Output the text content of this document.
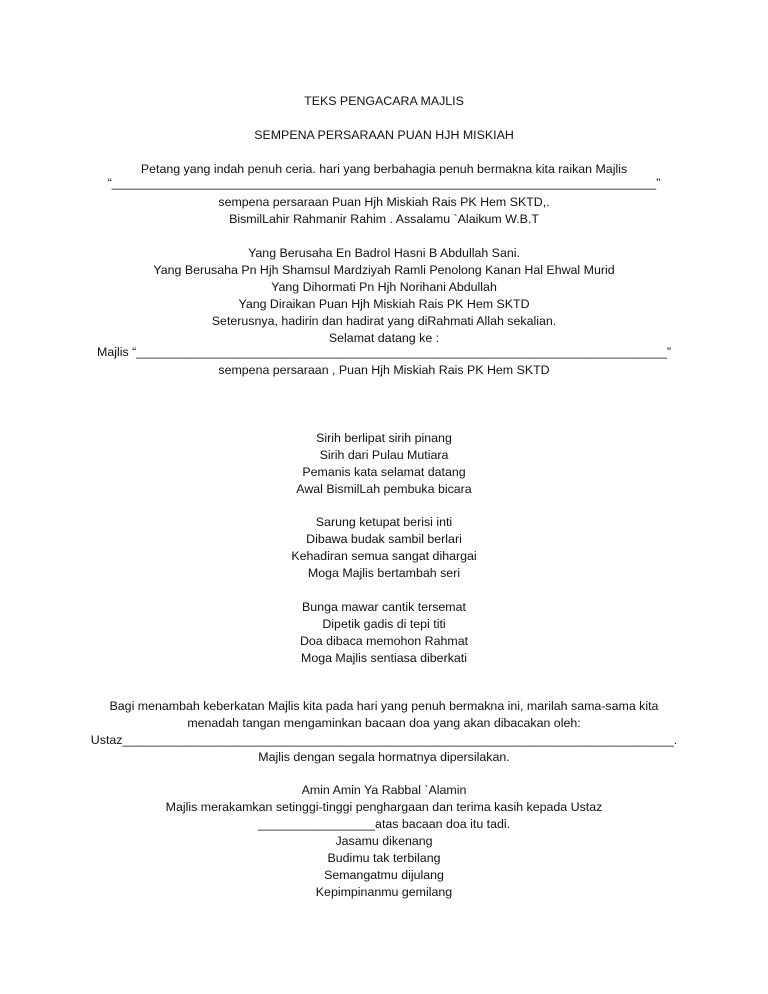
TEKS PENGACARA MAJLIS
SEMPENA PERSARAAN PUAN HJH MISKIAH
Petang yang indah penuh ceria. hari yang berbahagia penuh bermakna kita raikan Majlis
“_______________________________________________________________________________”
sempena persaraan Puan Hjh Miskiah Rais PK Hem SKTD,.
BismilLahir Rahmanir Rahim . Assalamu `Alaikum W.B.T
Yang Berusaha En Badrol Hasni B Abdullah Sani.
Yang Berusaha Pn Hjh Shamsul Mardziyah Ramli Penolong Kanan Hal Ehwal Murid
Yang Dihormati Pn Hjh Norihani Abdullah
Yang Diraikan Puan Hjh Miskiah Rais PK Hem SKTD
Seterusnya, hadirin dan hadirat yang diRahmati Allah sekalian.
Selamat datang ke :
Majlis “_____________________________________________________________________________”
sempena persaraan , Puan Hjh Miskiah Rais PK Hem SKTD
Sirih berlipat sirih pinang
Sirih dari Pulau Mutiara
Pemanis kata selamat datang
Awal BismilLah pembuka bicara
Sarung ketupat berisi inti
Dibawa budak sambil berlari
Kehadiran semua sangat dihargai
Moga Majlis bertambah seri
Bunga mawar cantik tersemat
Dipetik gadis di tepi titi
Doa dibaca memohon Rahmat
Moga Majlis sentiasa diberkati
Bagi menambah keberkatan Majlis kita pada hari yang penuh bermakna ini, marilah sama-sama kita
menadah tangan mengaminkan bacaan doa yang akan dibacakan oleh:
Ustaz________________________________________________________________________________.
Majlis dengan segala hormatnya dipersilakan.
Amin Amin Ya Rabbal `Alamin
Majlis merakamkan setinggi-tinggi penghargaan dan terima kasih kepada Ustaz
_________________atas bacaan doa itu tadi.
Jasamu dikenang
Budimu tak terbilang
Semangatmu dijulang
Kepimpinanmu gemilang
